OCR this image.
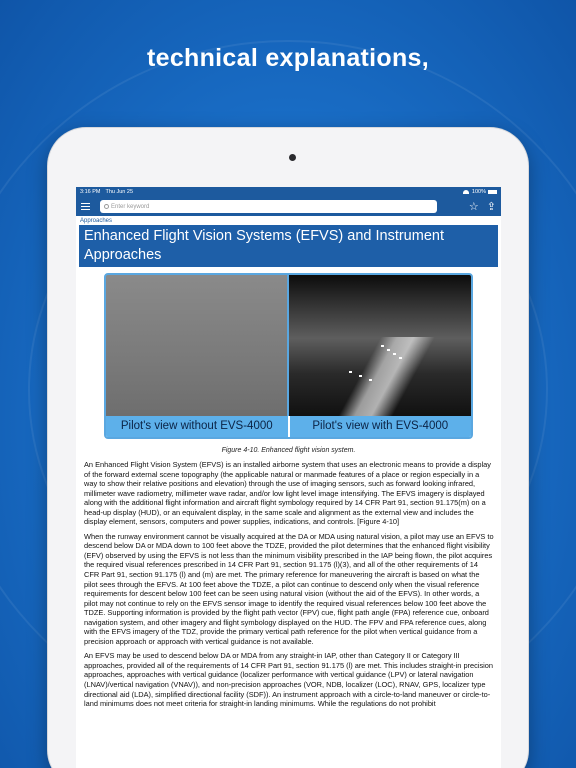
technical explanations,
3:16 PM Thu Jun 25	100%
Enter keyword	☆ ⇪
Approaches
Enhanced Flight Vision Systems (EFVS) and Instrument Approaches
Pilot's view without EVS-4000	Pilot's view with EVS-4000
Figure 4-10. Enhanced flight vision system.

An Enhanced Flight Vision System (EFVS) is an installed airborne system that uses an electronic means to provide a display of the forward external scene topography (the applicable natural or manmade features of a place or region especially in a way to show their relative positions and elevation) through the use of imaging sensors, such as forward looking infrared, millimeter wave radiometry, millimeter wave radar, and/or low light level image intensifying. The EFVS imagery is displayed along with the additional flight information and aircraft flight symbology required by 14 CFR Part 91, section 91.175(m) on a head-up display (HUD), or an equivalent display, in the same scale and alignment as the external view and includes the display element, sensors, computers and power supplies, indications, and controls. [Figure 4-10]

When the runway environment cannot be visually acquired at the DA or MDA using natural vision, a pilot may use an EFVS to descend below DA or MDA down to 100 feet above the TDZE, provided the pilot determines that the enhanced flight visibility (EFV) observed by using the EFVS is not less than the minimum visibility prescribed in the IAP being flown, the pilot acquires the required visual references prescribed in 14 CFR Part 91, section 91.175 (l)(3), and all of the other requirements of 14 CFR Part 91, section 91.175 (l) and (m) are met. The primary reference for maneuvering the aircraft is based on what the pilot sees through the EFVS. At 100 feet above the TDZE, a pilot can continue to descend only when the visual reference requirements for descent below 100 feet can be seen using natural vision (without the aid of the EFVS). In other words, a pilot may not continue to rely on the EFVS sensor image to identify the required visual references below 100 feet above the TDZE. Supporting information is provided by the flight path vector (FPV) cue, flight path angle (FPA) reference cue, onboard navigation system, and other imagery and flight symbology displayed on the HUD. The FPV and FPA reference cues, along with the EFVS imagery of the TDZ, provide the primary vertical path reference for the pilot when vertical guidance from a precision approach or approach with vertical guidance is not available.

An EFVS may be used to descend below DA or MDA from any straight-in IAP, other than Category II or Category III approaches, provided all of the requirements of 14 CFR Part 91, section 91.175 (l) are met. This includes straight-in precision approaches, approaches with vertical guidance (localizer performance with vertical guidance (LPV) or lateral navigation (LNAV)/vertical navigation (VNAV)), and non-precision approaches (VOR, NDB, localizer (LOC), RNAV, GPS, localizer type directional aid (LDA), simplified directional facility (SDF)). An instrument approach with a circle-to-land maneuver or circle-to-land minimums does not meet criteria for straight-in landing minimums. While the regulations do not prohibit
